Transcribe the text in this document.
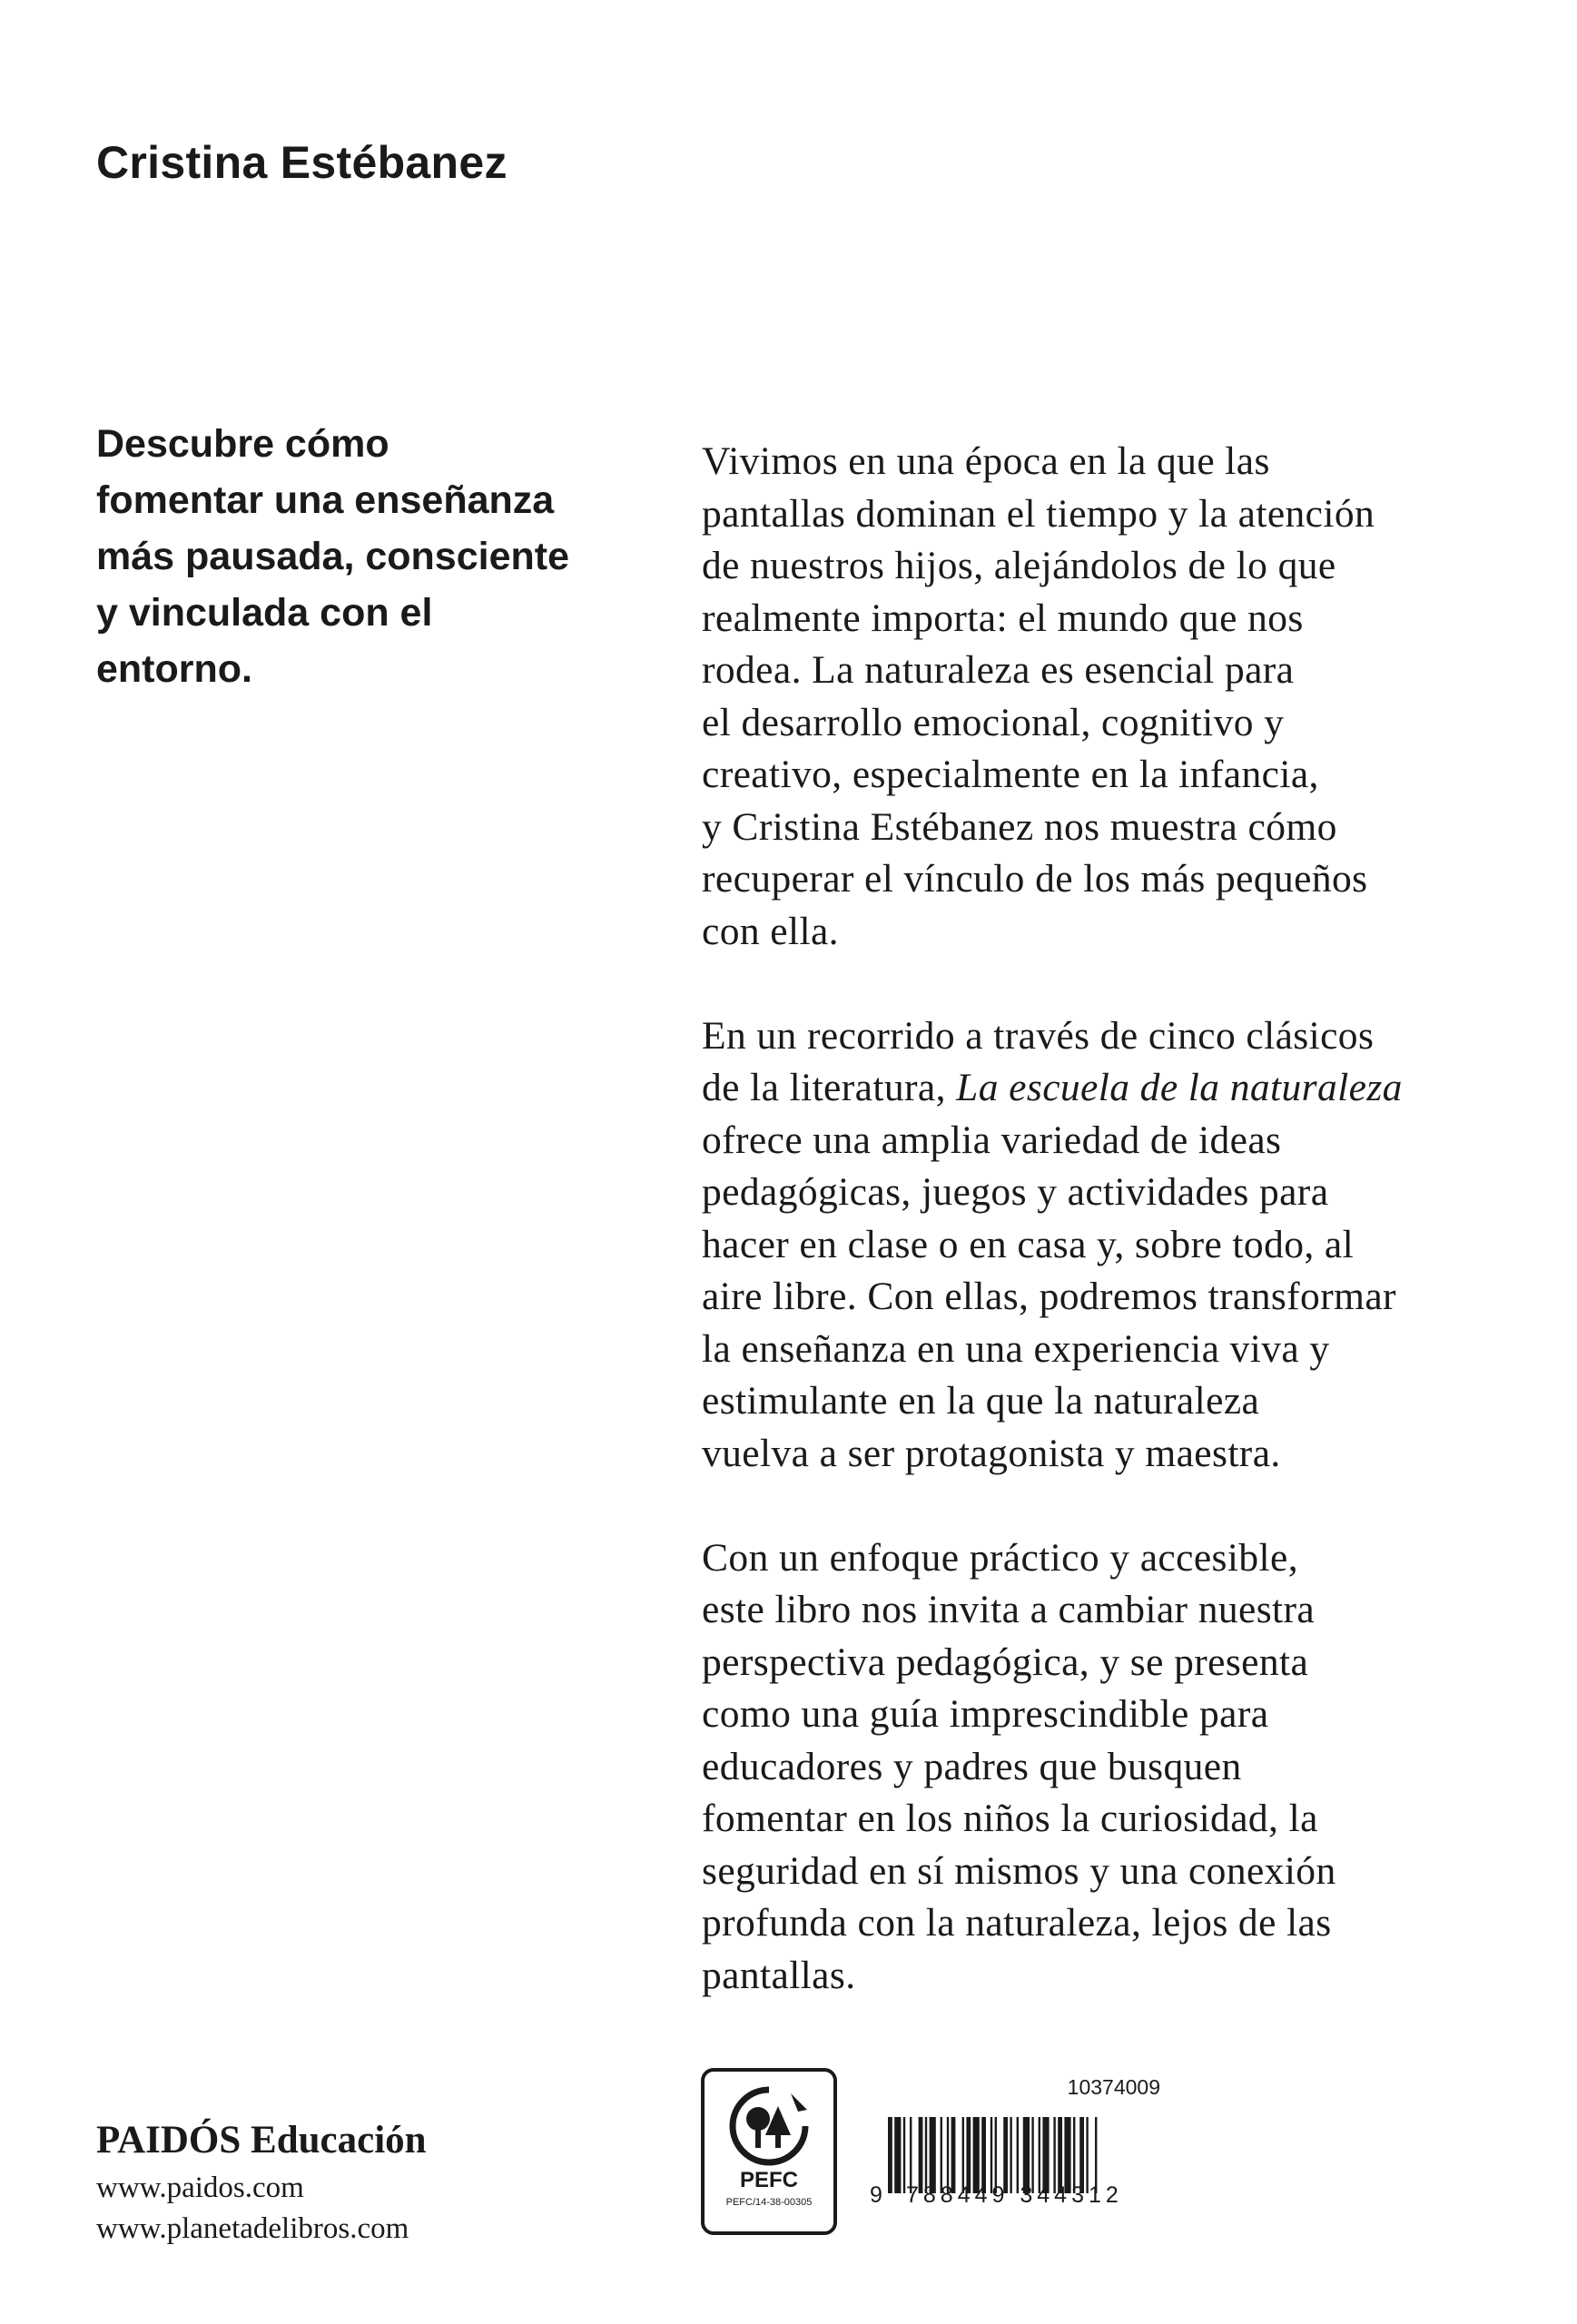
Cristina Estébanez
Descubre cómo
fomentar una enseñanza
más pausada, consciente
y vinculada con el
entorno.

Vivimos en una época en la que las
pantallas dominan el tiempo y la atención
de nuestros hijos, alejándolos de lo que
realmente importa: el mundo que nos
rodea. La naturaleza es esencial para
el desarrollo emocional, cognitivo y
creativo, especialmente en la infancia,
y Cristina Estébanez nos muestra cómo
recuperar el vínculo de los más pequeños
con ella.

En un recorrido a través de cinco clásicos
de la literatura, La escuela de la naturaleza
ofrece una amplia variedad de ideas
pedagógicas, juegos y actividades para
hacer en clase o en casa y, sobre todo, al
aire libre. Con ellas, podremos transformar
la enseñanza en una experiencia viva y
estimulante en la que la naturaleza
vuelva a ser protagonista y maestra.

Con un enfoque práctico y accesible,
este libro nos invita a cambiar nuestra
perspectiva pedagógica, y se presenta
como una guía imprescindible para
educadores y padres que busquen
fomentar en los niños la curiosidad, la
seguridad en sí mismos y una conexión
profunda con la naturaleza, lejos de las
pantallas.

PAIDÓS Educación
www.paidos.com
www.planetadelibros.com
PEFC
PEFC/14-38-00305
10374009
9 788449 344312
